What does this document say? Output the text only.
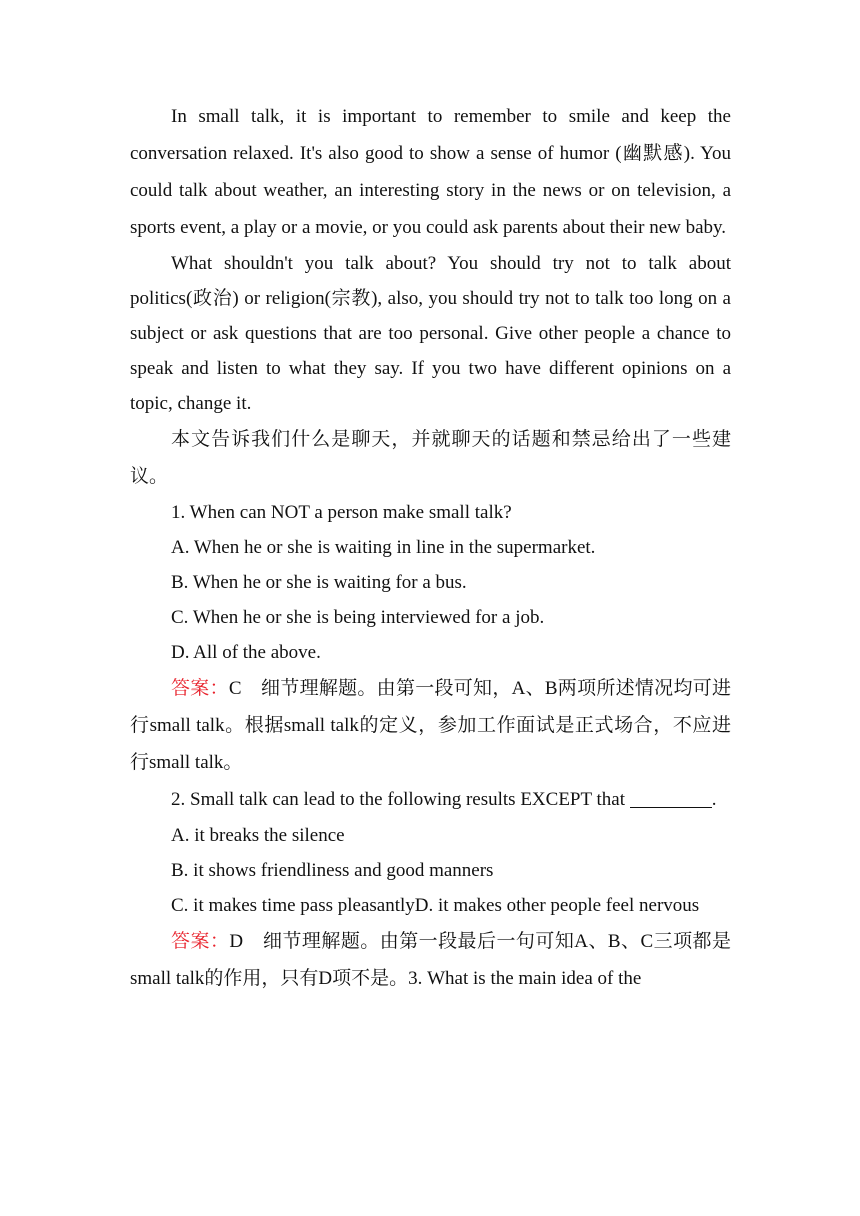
In small talk, it is important to remember to smile and keep the conversation relaxed. It's also good to show a sense of humor (幽默感). You could talk about weather, an interesting story in the news or on television, a sports event, a play or a movie, or you could ask parents about their new baby.

What shouldn't you talk about? You should try not to talk about politics(政治) or religion(宗教), also, you should try not to talk too long on a subject or ask questions that are too personal. Give other people a chance to speak and listen to what they say. If you two have different opinions on a topic, change it.

本文告诉我们什么是聊天，并就聊天的话题和禁忌给出了一些建议。

1. When can NOT a person make small talk?

A. When he or she is waiting in line in the supermarket.

B. When he or she is waiting for a bus.

C. When he or she is being interviewed for a job.

D. All of the above.

答案：C　细节理解题。由第一段可知，A、B两项所述情况均可进行small talk。根据small talk的定义，参加工作面试是正式场合，不应进行small talk。

2. Small talk can lead to the following results EXCEPT that	.

A. it breaks the silence

B. it shows friendliness and good manners

C. it makes time pass pleasantlyD. it makes other people feel nervous

答案：D　细节理解题。由第一段最后一句可知A、B、C三项都是small talk的作用，只有D项不是。3. What is the main idea of the
